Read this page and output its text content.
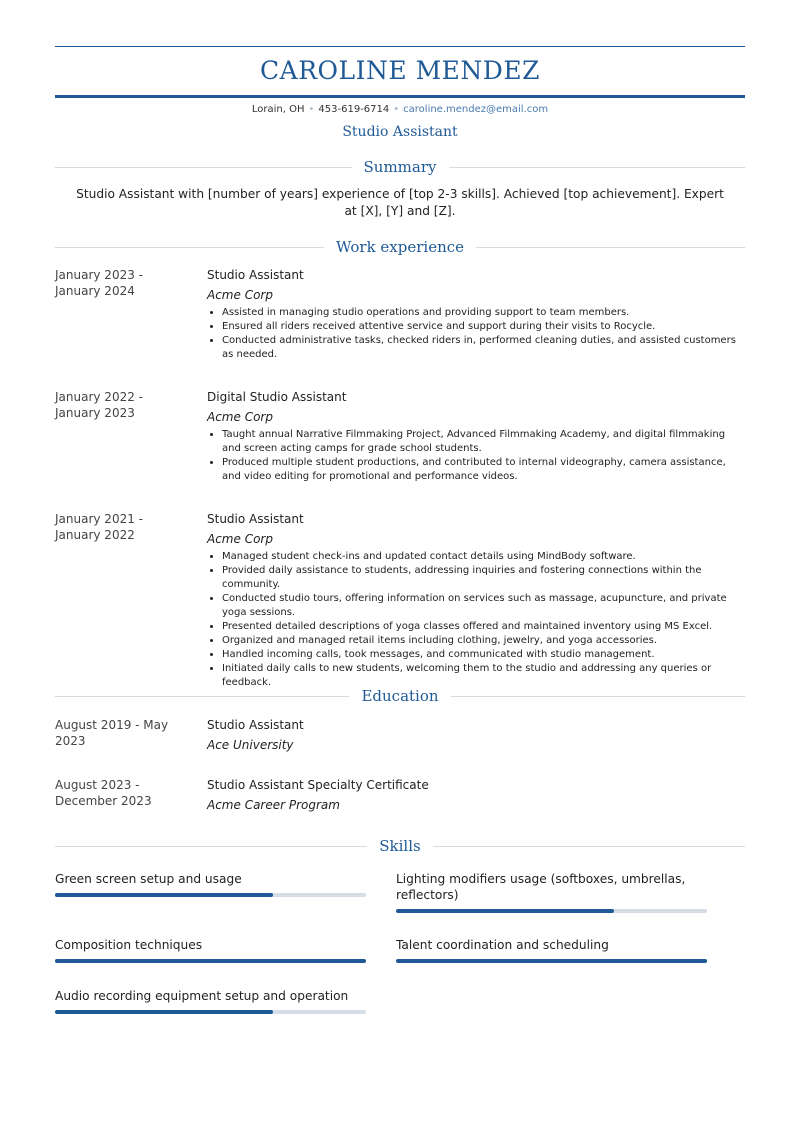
CAROLINE MENDEZ
Lorain, OH • 453-619-6714 • caroline.mendez@email.com
Studio Assistant
Summary
Studio Assistant with [number of years] experience of [top 2-3 skills]. Achieved [top achievement]. Expert at [X], [Y] and [Z].
Work experience
January 2023 -
January 2024
Studio Assistant
Acme Corp
• Assisted in managing studio operations and providing support to team members.
• Ensured all riders received attentive service and support during their visits to Rocycle.
• Conducted administrative tasks, checked riders in, performed cleaning duties, and assisted customers as needed.
January 2022 -
January 2023
Digital Studio Assistant
Acme Corp
• Taught annual Narrative Filmmaking Project, Advanced Filmmaking Academy, and digital filmmaking and screen acting camps for grade school students.
• Produced multiple student productions, and contributed to internal videography, camera assistance, and video editing for promotional and performance videos.
January 2021 -
January 2022
Studio Assistant
Acme Corp
• Managed student check-ins and updated contact details using MindBody software.
• Provided daily assistance to students, addressing inquiries and fostering connections within the community.
• Conducted studio tours, offering information on services such as massage, acupuncture, and private yoga sessions.
• Presented detailed descriptions of yoga classes offered and maintained inventory using MS Excel.
• Organized and managed retail items including clothing, jewelry, and yoga accessories.
• Handled incoming calls, took messages, and communicated with studio management.
• Initiated daily calls to new students, welcoming them to the studio and addressing any queries or feedback.
Education
August 2019 - May 2023
Studio Assistant
Ace University
August 2023 -
December 2023
Studio Assistant Specialty Certificate
Acme Career Program
Skills
Green screen setup and usage	Lighting modifiers usage (softboxes, umbrellas, reflectors)
Composition techniques	Talent coordination and scheduling
Audio recording equipment setup and operation
